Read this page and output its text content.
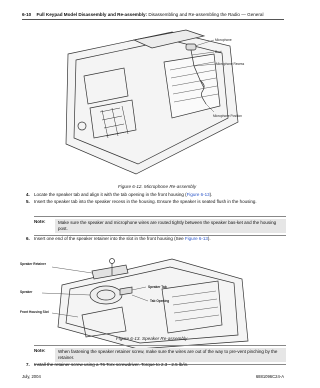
6-10 Full Keypad Model Disassembly and Re-assembly: Disassembling and Re-assembling the Radio — General
Microphone
Boot
Microphone Recess
Microphone Position
Figure 6-12. Microphone Re-assembly
4. Locate the speaker tab and align it with the tab opening in the front housing (Figure 6-13).
5. Insert the speaker tab into the speaker recess in the housing. Ensure the speaker is seated flush in the housing.
Note:	Make sure the speaker and microphone wires are routed tightly between the speaker bas-ket and the housing post.
6. Insert one end of the speaker retainer into the slot in the front housing (See Figure 6-13).
Speaker Retainer
Speaker
Front Housing Slot
Speaker Tab
Tab Opening
Figure 6-13. Speaker Re-assembly
Note:	When fastening the speaker retainer screw, make sure the wires are out of the way to pre-vent pinching by the retainer.
7. Install the retainer screw using a T6 Torx screwdriver. Torque to 2.3 - 2.5 lb/in.
July, 2004	6881096C24-A
